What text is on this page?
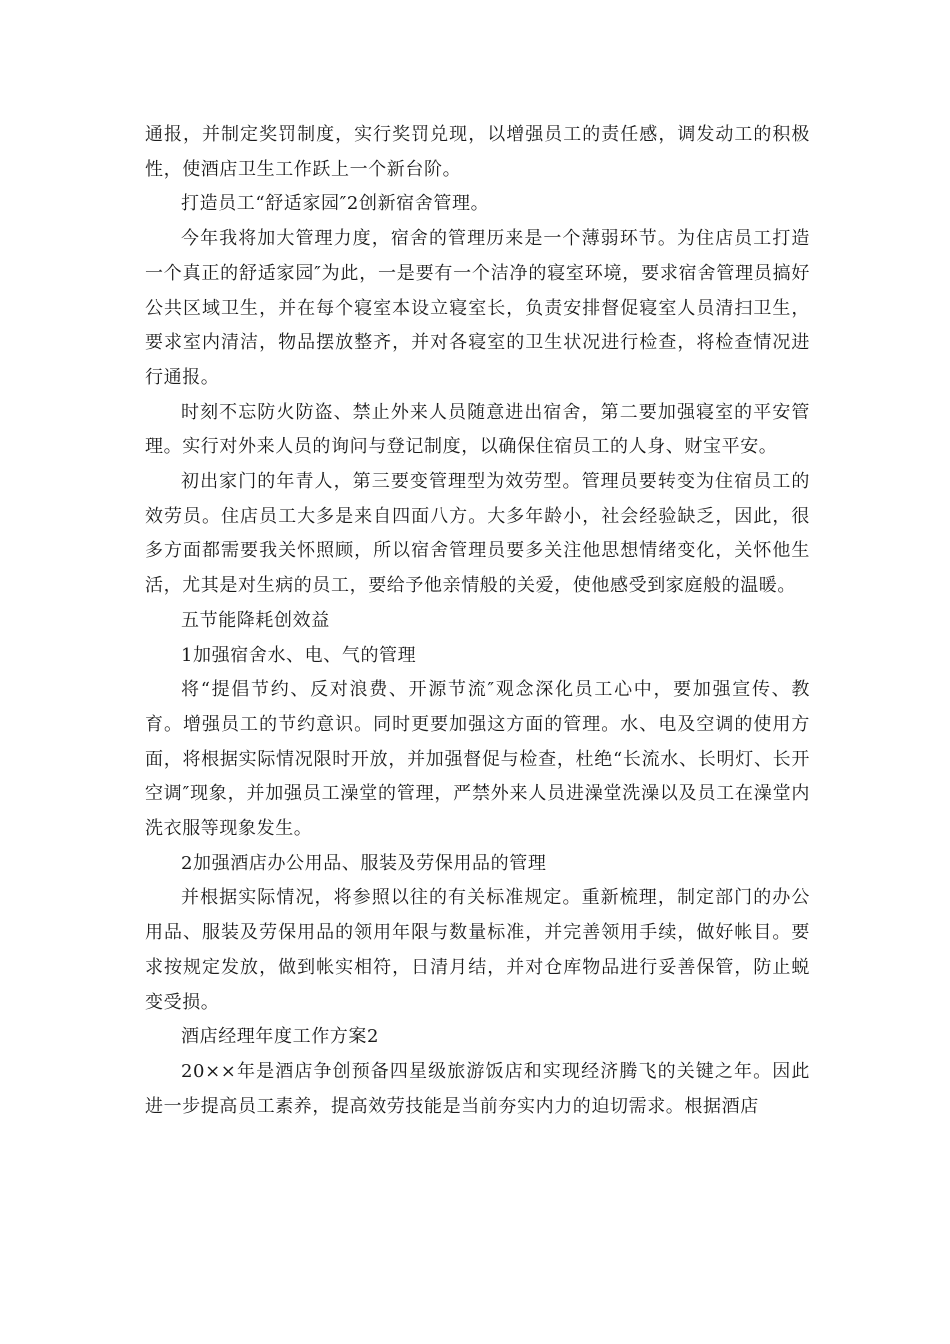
通报，并制定奖罚制度，实行奖罚兑现，以增强员工的责任感，调发动工的积极性，使酒店卫生工作跃上一个新台阶。

打造员工“舒适家园″2创新宿舍管理。

今年我将加大管理力度，宿舍的管理历来是一个薄弱环节。为住店员工打造一个真正的舒适家园″为此，一是要有一个洁净的寝室环境，要求宿舍管理员搞好公共区域卫生，并在每个寝室本设立寝室长，负责安排督促寝室人员清扫卫生，要求室内清洁，物品摆放整齐，并对各寝室的卫生状况进行检查，将检查情况进行通报。

时刻不忘防火防盗、禁止外来人员随意进出宿舍，第二要加强寝室的平安管理。实行对外来人员的询问与登记制度，以确保住宿员工的人身、财宝平安。

初出家门的年青人，第三要变管理型为效劳型。管理员要转变为住宿员工的效劳员。住店员工大多是来自四面八方。大多年龄小，社会经验缺乏，因此，很多方面都需要我关怀照顾，所以宿舍管理员要多关注他思想情绪变化，关怀他生活，尤其是对生病的员工，要给予他亲情般的关爱，使他感受到家庭般的温暖。

五节能降耗创效益

1加强宿舍水、电、气的管理

将“提倡节约、反对浪费、开源节流″观念深化员工心中，要加强宣传、教育。增强员工的节约意识。同时更要加强这方面的管理。水、电及空调的使用方面，将根据实际情况限时开放，并加强督促与检查，杜绝“长流水、长明灯、长开空调″现象，并加强员工澡堂的管理，严禁外来人员进澡堂洗澡以及员工在澡堂内洗衣服等现象发生。

2加强酒店办公用品、服装及劳保用品的管理

并根据实际情况，将参照以往的有关标准规定。重新梳理，制定部门的办公用品、服装及劳保用品的领用年限与数量标准，并完善领用手续，做好帐目。要求按规定发放，做到帐实相符，日清月结，并对仓库物品进行妥善保管，防止蜕变受损。

酒店经理年度工作方案2

20××年是酒店争创预备四星级旅游饭店和实现经济腾飞的关键之年。因此进一步提高员工素养，提高效劳技能是当前夯实内力的迫切需求。根据酒店
